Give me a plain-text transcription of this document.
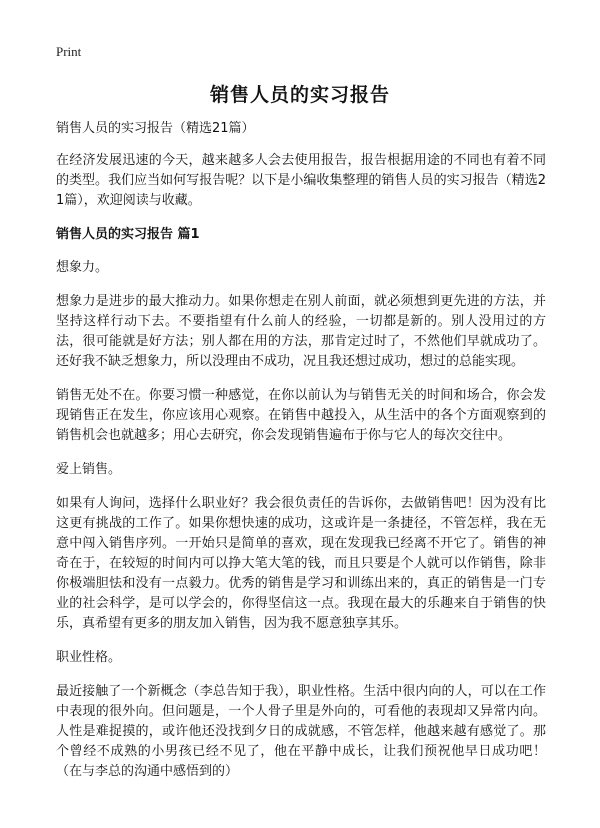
Print
销售人员的实习报告

销售人员的实习报告（精选21篇）

在经济发展迅速的今天，越来越多人会去使用报告，报告根据用途的不同也有着不同的类型。我们应当如何写报告呢？以下是小编收集整理的销售人员的实习报告（精选21篇），欢迎阅读与收藏。

销售人员的实习报告 篇1

想象力。

想象力是进步的最大推动力。如果你想走在别人前面，就必须想到更先进的方法，并坚持这样行动下去。不要指望有什么前人的经验，一切都是新的。别人没用过的方法，很可能就是好方法；别人都在用的方法，那肯定过时了，不然他们早就成功了。还好我不缺乏想象力，所以没理由不成功，况且我还想过成功，想过的总能实现。

销售无处不在。你要习惯一种感觉，在你以前认为与销售无关的时间和场合，你会发现销售正在发生，你应该用心观察。在销售中越投入，从生活中的各个方面观察到的销售机会也就越多；用心去研究，你会发现销售遍布于你与它人的每次交往中。

爱上销售。

如果有人询问，选择什么职业好？我会很负责任的告诉你，去做销售吧！因为没有比这更有挑战的工作了。如果你想快速的成功，这或许是一条捷径，不管怎样，我在无意中闯入销售序列。一开始只是简单的喜欢，现在发现我已经离不开它了。销售的神奇在于，在较短的时间内可以挣大笔大笔的钱，而且只要是个人就可以作销售，除非你极端胆怯和没有一点毅力。优秀的销售是学习和训练出来的，真正的销售是一门专业的社会科学，是可以学会的，你得坚信这一点。我现在最大的乐趣来自于销售的快乐，真希望有更多的朋友加入销售，因为我不愿意独享其乐。

职业性格。

最近接触了一个新概念（李总告知于我），职业性格。生活中很内向的人，可以在工作中表现的很外向。但问题是，一个人骨子里是外向的，可看他的表现却又异常内向。人性是难捉摸的，或许他还没找到夕日的成就感，不管怎样，他越来越有感觉了。那个曾经不成熟的小男孩已经不见了，他在平静中成长，让我们预祝他早日成功吧！（在与李总的沟通中感悟到的）
